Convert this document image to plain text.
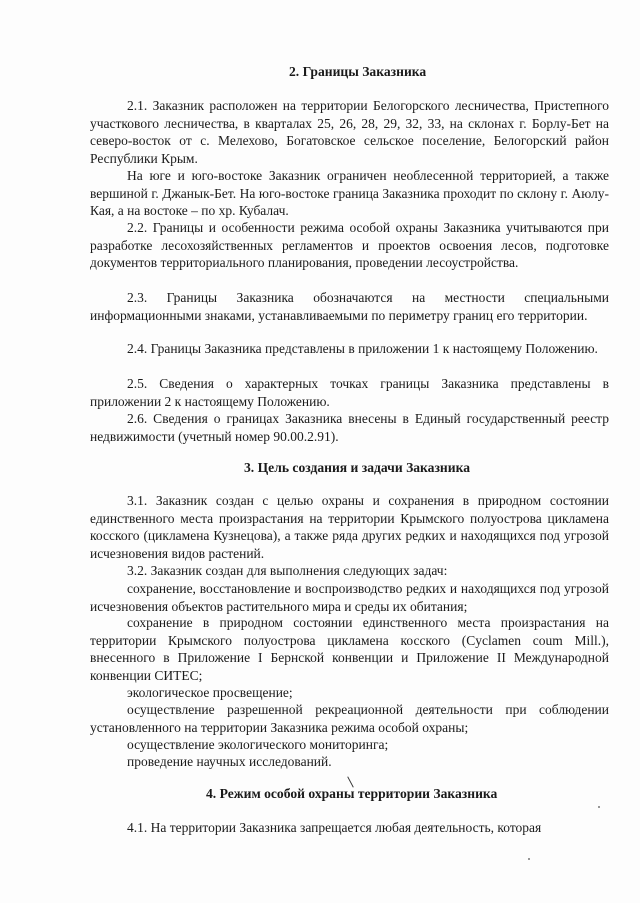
2. Границы Заказника

2.1. Заказник расположен на территории Белогорского лесничества, Пристепного участкового лесничества, в кварталах 25, 26, 28, 29, 32, 33, на склонах г. Борлу-Бет на северо-восток от с. Мелехово, Богатовское сельское поселение, Белогорский район Республики Крым.

На юге и юго-востоке Заказник ограничен необлесенной территорией, а также вершиной г. Джанык-Бет. На юго-востоке граница Заказника проходит по склону г. Аюлу-Кая, а на востоке – по хр. Кубалач.

2.2. Границы и особенности режима особой охраны Заказника учитываются при разработке лесохозяйственных регламентов и проектов освоения лесов, подготовке документов территориального планирования, проведении лесоустройства.

2.3. Границы Заказника обозначаются на местности специальными информационными знаками, устанавливаемыми по периметру границ его территории.

2.4. Границы Заказника представлены в приложении 1 к настоящему Положению.

2.5. Сведения о характерных точках границы Заказника представлены в приложении 2 к настоящему Положению.

2.6. Сведения о границах Заказника внесены в Единый государственный реестр недвижимости (учетный номер 90.00.2.91).

3. Цель создания и задачи Заказника

3.1. Заказник создан с целью охраны и сохранения в природном состоянии единственного места произрастания на территории Крымского полуострова цикламена косского (цикламена Кузнецова), а также ряда других редких и находящихся под угрозой исчезновения видов растений.

3.2. Заказник создан для выполнения следующих задач:

сохранение, восстановление и воспроизводство редких и находящихся под угрозой исчезновения объектов растительного мира и среды их обитания;

сохранение в природном состоянии единственного места произрастания на территории Крымского полуострова цикламена косского (Cyclamen coum Mill.), внесенного в Приложение I Бернской конвенции и Приложение II Международной конвенции СИТЕС;

экологическое просвещение;

осуществление разрешенной рекреационной деятельности при соблюдении установленного на территории Заказника режима особой охраны;

осуществление экологического мониторинга;

проведение научных исследований.

4. Режим особой охраны территории Заказника

4.1. На территории Заказника запрещается любая деятельность, которая
